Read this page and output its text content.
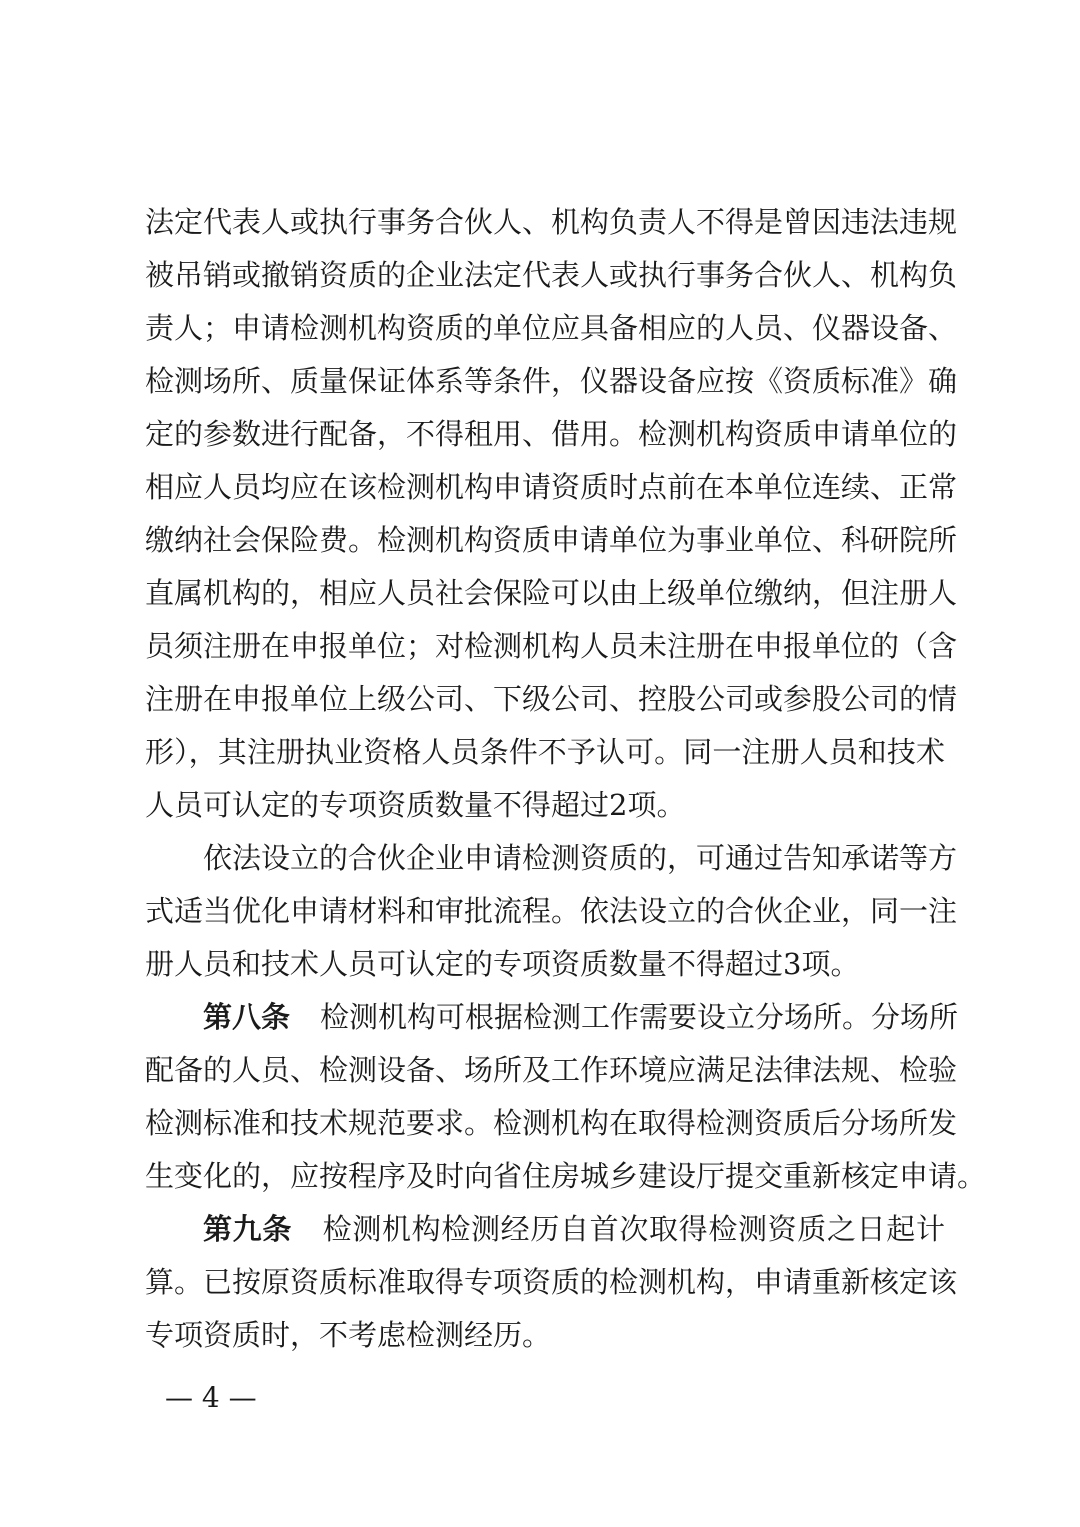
法定代表人或执行事务合伙人、机构负责人不得是曾因违法违规
被吊销或撤销资质的企业法定代表人或执行事务合伙人、机构负
责人；申请检测机构资质的单位应具备相应的人员、仪器设备、
检测场所、质量保证体系等条件，仪器设备应按《资质标准》确
定的参数进行配备，不得租用、借用。检测机构资质申请单位的
相应人员均应在该检测机构申请资质时点前在本单位连续、正常
缴纳社会保险费。检测机构资质申请单位为事业单位、科研院所
直属机构的，相应人员社会保险可以由上级单位缴纳，但注册人
员须注册在申报单位；对检测机构人员未注册在申报单位的（含
注册在申报单位上级公司、下级公司、控股公司或参股公司的情
形），其注册执业资格人员条件不予认可。同一注册人员和技术
人员可认定的专项资质数量不得超过2项。
依法设立的合伙企业申请检测资质的，可通过告知承诺等方
式适当优化申请材料和审批流程。依法设立的合伙企业，同一注
册人员和技术人员可认定的专项资质数量不得超过3项。
第八条 检测机构可根据检测工作需要设立分场所。分场所
配备的人员、检测设备、场所及工作环境应满足法律法规、检验
检测标准和技术规范要求。检测机构在取得检测资质后分场所发
生变化的，应按程序及时向省住房城乡建设厅提交重新核定申请。
第九条 检测机构检测经历自首次取得检测资质之日起计
算。已按原资质标准取得专项资质的检测机构，申请重新核定该
专项资质时，不考虑检测经历。
— 4 —
